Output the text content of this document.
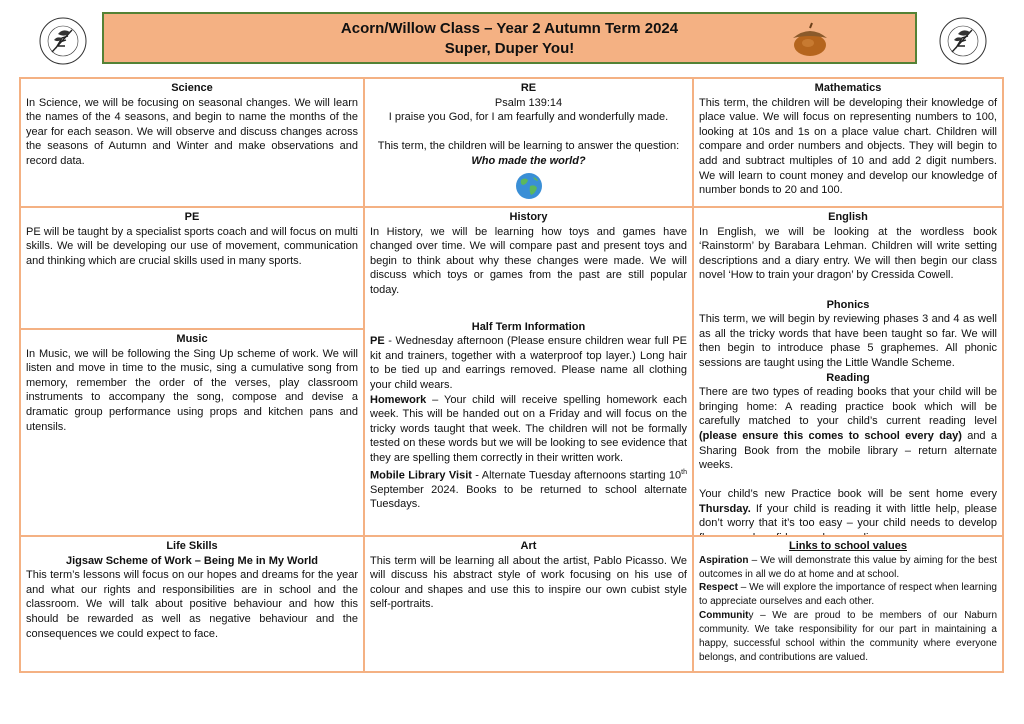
Acorn/Willow Class – Year 2 Autumn Term 2024
Super, Duper You!
Science

In Science, we will be focusing on seasonal changes. We will learn the names of the 4 seasons, and begin to name the months of the year for each season. We will observe and discuss changes across the seasons of Autumn and Winter and make observations and record data.

RE

Psalm 139:14

I praise you God, for I am fearfully and wonderfully made.

This term, the children will be learning to answer the question:

Who made the world?

Mathematics

This term, the children will be developing their knowledge of place value. We will focus on representing numbers to 100, looking at 10s and 1s on a place value chart. Children will compare and order numbers and objects. They will begin to add and subtract multiples of 10 and add 2 digit numbers. We will learn to count money and develop our knowledge of number bonds to 20 and 100.

PE

PE will be taught by a specialist sports coach and will focus on multi skills. We will be developing our use of movement, communication and thinking which are crucial skills used in many sports.

Music

In Music, we will be following the Sing Up scheme of work. We will listen and move in time to the music, sing a cumulative song from memory, remember the order of the verses, play classroom instruments to accompany the song, compose and devise a dramatic group performance using props and kitchen pans and utensils.

History

In History, we will be learning how toys and games have changed over time. We will compare past and present toys and begin to think about why these changes were made. We will discuss which toys or games from the past are still popular today.

Half Term Information

PE - Wednesday afternoon (Please ensure children wear full PE kit and trainers, together with a waterproof top layer.) Long hair to be tied up and earrings removed. Please name all clothing your child wears.

Homework – Your child will receive spelling homework each week. This will be handed out on a Friday and will focus on the tricky words taught that week. The children will not be formally tested on these words but we will be looking to see evidence that they are spelling them correctly in their written work.

Mobile Library Visit - Alternate Tuesday afternoons starting 10th September 2024. Books to be returned to school alternate Tuesdays.

English

In English, we will be looking at the wordless book ‘Rainstorm’ by Barabara Lehman. Children will write setting descriptions and a diary entry. We will then begin our class novel ‘How to train your dragon’ by Cressida Cowell.

Phonics

This term, we will begin by reviewing phases 3 and 4 as well as all the tricky words that have been taught so far. We will then begin to introduce phase 5 graphemes. All phonic sessions are taught using the Little Wandle Scheme.

Reading

There are two types of reading books that your child will be bringing home: A reading practice book which will be carefully matched to your child’s current reading level (please ensure this comes to school every day) and a Sharing Book from the mobile library – return alternate weeks.

Your child’s new Practice book will be sent home every Thursday. If your child is reading it with little help, please don’t worry that it’s too easy – your child needs to develop

Life Skills
Jigsaw Scheme of Work – Being Me in My World

This term’s lessons will focus on our hopes and dreams for the year and what our rights and responsibilities are in school and the classroom. We will talk about positive behaviour and how this should be rewarded as well as negative behaviour and the consequences we could expect to face.

Art

This term will be learning all about the artist, Pablo Picasso. We will discuss his abstract style of work focusing on his use of colour and shapes and use this to inspire our own cubist style self-portraits.

Links to school values

Aspiration – We will demonstrate this value by aiming for the best outcomes in all we do at home and at school.

Respect – We will explore the importance of respect when learning to appreciate ourselves and each other.

Community – We are proud to be members of our Naburn community. We take responsibility for our part in maintaining a happy, successful school within the community where everyone belongs, and contributions are valued.
